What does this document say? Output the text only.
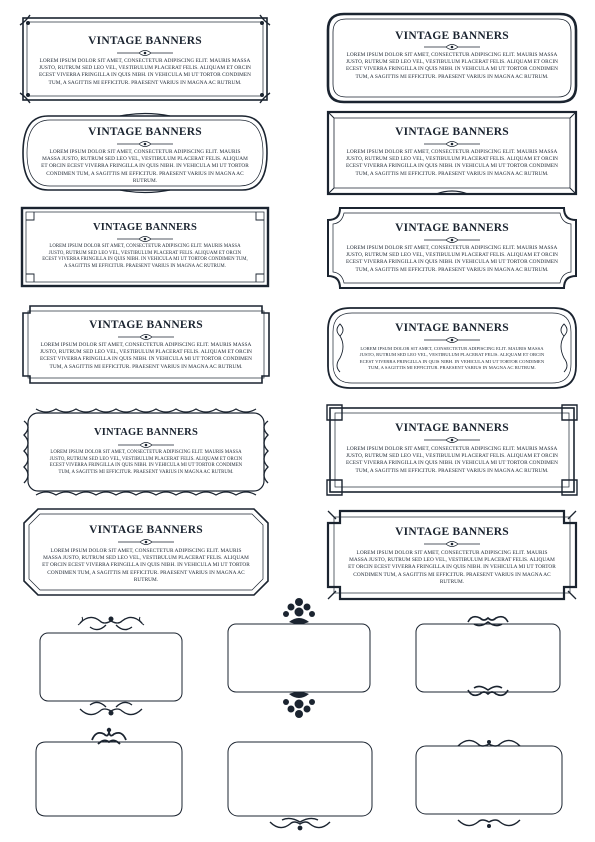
VINTAGE BANNERS
LOREM IPSUM DOLOR SIT AMET, CONSECTETUR ADIPISCING ELIT. MAURIS MASSA JUSTO, RUTRUM SED LEO VEL, VESTIBULUM PLACERAT FELIS. ALIQUAM ET ORCIN ECEST VIVERRA FRINGILLA IN QUIS NIBH. IN VEHICULA MI UT TORTOR CONDIMEN TUM, A SAGITTIS MI EFFICITUR. PRAESENT VARIUS IN MAGNA AC RUTRUM.
VINTAGE BANNERS
LOREM IPSUM DOLOR SIT AMET, CONSECTETUR ADIPISCING ELIT. MAURIS MASSA JUSTO, RUTRUM SED LEO VEL, VESTIBULUM PLACERAT FELIS. ALIQUAM ET ORCIN ECEST VIVERRA FRINGILLA IN QUIS NIBH. IN VEHICULA MI UT TORTOR CONDIMEN TUM, A SAGITTIS MI EFFICITUR. PRAESENT VARIUS IN MAGNA AC RUTRUM.
VINTAGE BANNERS
LOREM IPSUM DOLOR SIT AMET, CONSECTETUR ADIPISCING ELIT. MAURIS MASSA JUSTO, RUTRUM SED LEO VEL, VESTIBULUM PLACERAT FELIS. ALIQUAM ET ORCIN ECEST VIVERRA FRINGILLA IN QUIS NIBH. IN VEHICULA MI UT TORTOR CONDIMEN TUM, A SAGITTIS MI EFFICITUR. PRAESENT VARIUS IN MAGNA AC RUTRUM.
VINTAGE BANNERS
LOREM IPSUM DOLOR SIT AMET, CONSECTETUR ADIPISCING ELIT. MAURIS MASSA JUSTO, RUTRUM SED LEO VEL, VESTIBULUM PLACERAT FELIS. ALIQUAM ET ORCIN ECEST VIVERRA FRINGILLA IN QUIS NIBH. IN VEHICULA MI UT TORTOR CONDIMEN TUM, A SAGITTIS MI EFFICITUR. PRAESENT VARIUS IN MAGNA AC RUTRUM.
VINTAGE BANNERS
LOREM IPSUM DOLOR SIT AMET, CONSECTETUR ADIPISCING ELIT. MAURIS MASSA JUSTO, RUTRUM SED LEO VEL, VESTIBULUM PLACERAT FELIS. ALIQUAM ET ORCIN ECEST VIVERRA FRINGILLA IN QUIS NIBH. IN VEHICULA MI UT TORTOR CONDIMEN TUM, A SAGITTIS MI EFFICITUR. PRAESENT VARIUS IN MAGNA AC RUTRUM.
VINTAGE BANNERS
LOREM IPSUM DOLOR SIT AMET, CONSECTETUR ADIPISCING ELIT. MAURIS MASSA JUSTO, RUTRUM SED LEO VEL, VESTIBULUM PLACERAT FELIS. ALIQUAM ET ORCIN ECEST VIVERRA FRINGILLA IN QUIS NIBH. IN VEHICULA MI UT TORTOR CONDIMEN TUM, A SAGITTIS MI EFFICITUR. PRAESENT VARIUS IN MAGNA AC RUTRUM.
VINTAGE BANNERS
LOREM IPSUM DOLOR SIT AMET, CONSECTETUR ADIPISCING ELIT. MAURIS MASSA JUSTO, RUTRUM SED LEO VEL, VESTIBULUM PLACERAT FELIS. ALIQUAM ET ORCIN ECEST VIVERRA FRINGILLA IN QUIS NIBH. IN VEHICULA MI UT TORTOR CONDIMEN TUM, A SAGITTIS MI EFFICITUR. PRAESENT VARIUS IN MAGNA AC RUTRUM.
VINTAGE BANNERS
LOREM IPSUM DOLOR SIT AMET, CONSECTETUR ADIPISCING ELIT. MAURIS MASSA JUSTO, RUTRUM SED LEO VEL, VESTIBULUM PLACERAT FELIS. ALIQUAM ET ORCIN ECEST VIVERRA FRINGILLA IN QUIS NIBH. IN VEHICULA MI UT TORTOR CONDIMEN TUM, A SAGITTIS MI EFFICITUR. PRAESENT VARIUS IN MAGNA AC RUTRUM.
VINTAGE BANNERS
LOREM IPSUM DOLOR SIT AMET, CONSECTETUR ADIPISCING ELIT. MAURIS MASSA JUSTO, RUTRUM SED LEO VEL, VESTIBULUM PLACERAT FELIS. ALIQUAM ET ORCIN ECEST VIVERRA FRINGILLA IN QUIS NIBH. IN VEHICULA MI UT TORTOR CONDIMEN TUM, A SAGITTIS MI EFFICITUR. PRAESENT VARIUS IN MAGNA AC RUTRUM.
VINTAGE BANNERS
LOREM IPSUM DOLOR SIT AMET, CONSECTETUR ADIPISCING ELIT. MAURIS MASSA JUSTO, RUTRUM SED LEO VEL, VESTIBULUM PLACERAT FELIS. ALIQUAM ET ORCIN ECEST VIVERRA FRINGILLA IN QUIS NIBH. IN VEHICULA MI UT TORTOR CONDIMEN TUM, A SAGITTIS MI EFFICITUR. PRAESENT VARIUS IN MAGNA AC RUTRUM.
VINTAGE BANNERS
LOREM IPSUM DOLOR SIT AMET, CONSECTETUR ADIPISCING ELIT. MAURIS MASSA JUSTO, RUTRUM SED LEO VEL, VESTIBULUM PLACERAT FELIS. ALIQUAM ET ORCIN ECEST VIVERRA FRINGILLA IN QUIS NIBH. IN VEHICULA MI UT TORTOR CONDIMEN TUM, A SAGITTIS MI EFFICITUR. PRAESENT VARIUS IN MAGNA AC RUTRUM.
VINTAGE BANNERS
LOREM IPSUM DOLOR SIT AMET, CONSECTETUR ADIPISCING ELIT. MAURIS MASSA JUSTO, RUTRUM SED LEO VEL, VESTIBULUM PLACERAT FELIS. ALIQUAM ET ORCIN ECEST VIVERRA FRINGILLA IN QUIS NIBH. IN VEHICULA MI UT TORTOR CONDIMEN TUM, A SAGITTIS MI EFFICITUR. PRAESENT VARIUS IN MAGNA AC RUTRUM.
